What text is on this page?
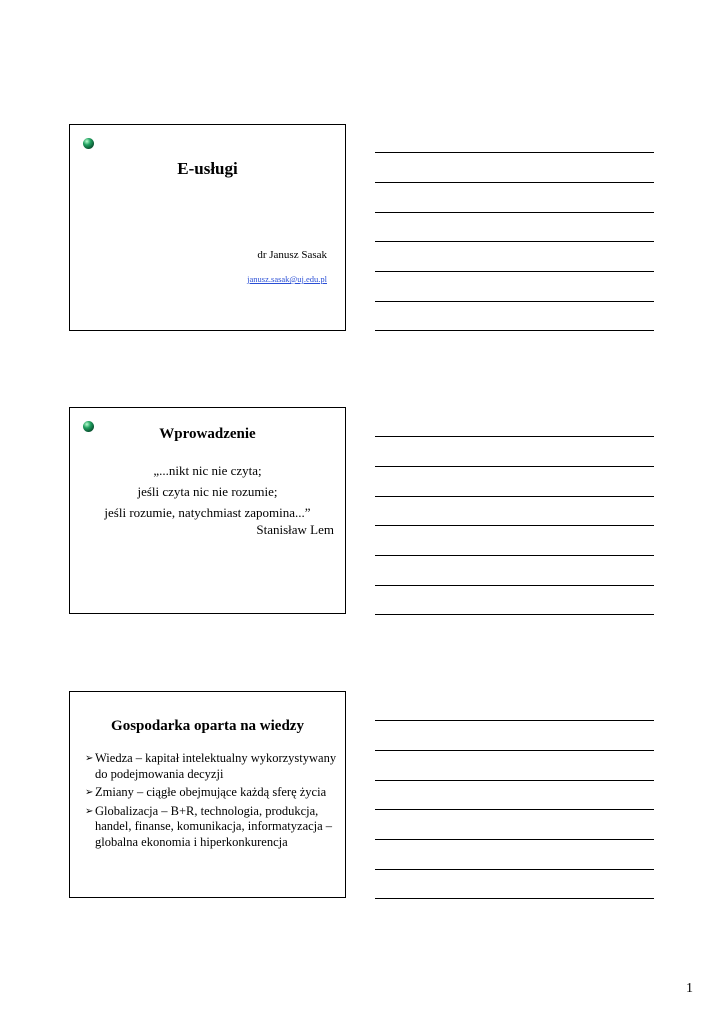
E-usługi
dr Janusz Sasak
janusz.sasak@uj.edu.pl
Wprowadzenie
„...nikt nic nie czyta;
jeśli czyta nic nie rozumie;
jeśli rozumie, natychmiast zapomina...”
Stanisław Lem
Gospodarka oparta na wiedzy
➢ Wiedza – kapitał intelektualny wykorzystywany do podejmowania decyzji
➢ Zmiany – ciągłe obejmujące każdą sferę życia
➢ Globalizacja – B+R, technologia, produkcja, handel, finanse, komunikacja, informatyzacja – globalna ekonomia i hiperkonkurencja
1
